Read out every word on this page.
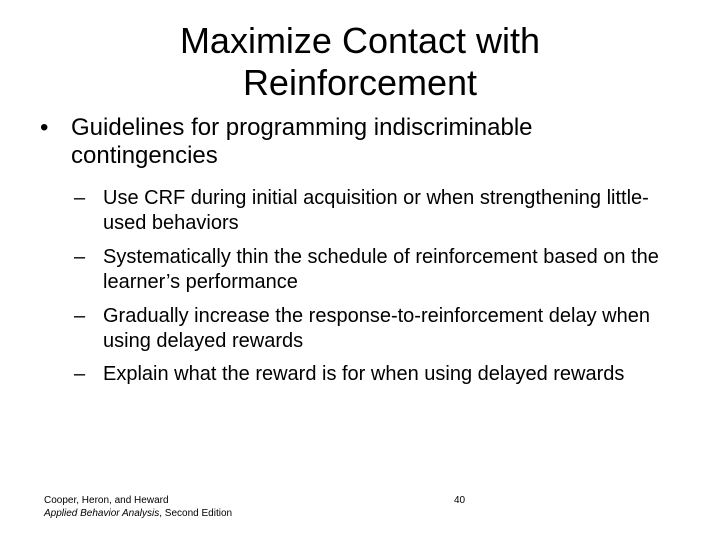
Maximize Contact with
Reinforcement
• Guidelines for programming indiscriminable contingencies
– Use CRF during initial acquisition or when strengthening little-used behaviors
– Systematically thin the schedule of reinforcement based on the learner’s performance
– Gradually increase the response-to-reinforcement delay when using delayed rewards
– Explain what the reward is for when using delayed rewards
Cooper, Heron, and Heward
Applied Behavior Analysis, Second Edition
40
